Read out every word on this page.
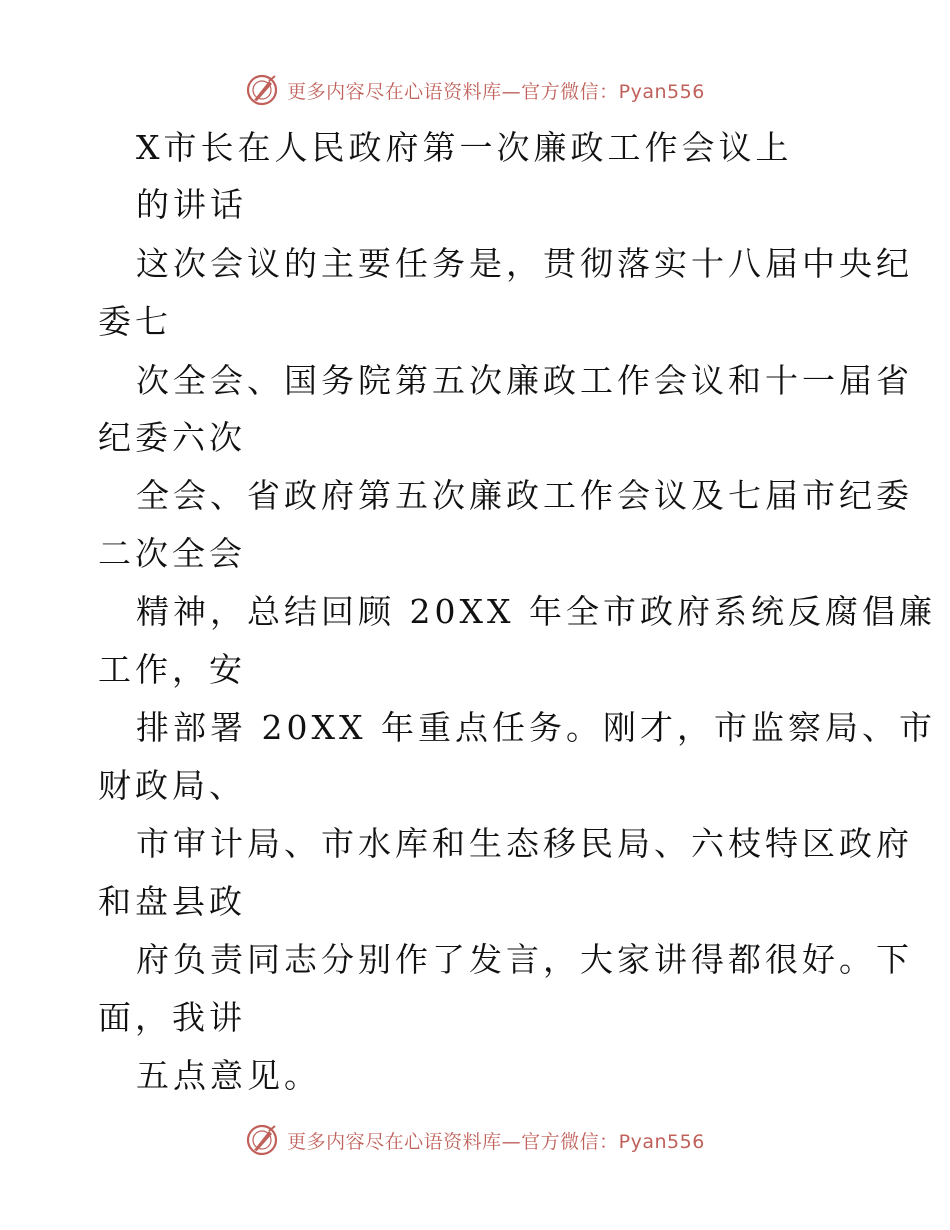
更多内容尽在心语资料库—官方微信：Pyan556
X市长在人民政府第一次廉政工作会议上
的讲话
这次会议的主要任务是，贯彻落实十八届中央纪
委七
次全会、国务院第五次廉政工作会议和十一届省
纪委六次
全会、省政府第五次廉政工作会议及七届市纪委
二次全会
精神，总结回顾 20XX 年全市政府系统反腐倡廉
工作，安
排部署 20XX 年重点任务。刚才，市监察局、市
财政局、
市审计局、市水库和生态移民局、六枝特区政府
和盘县政
府负责同志分别作了发言，大家讲得都很好。下
面，我讲
五点意见。
更多内容尽在心语资料库—官方微信：Pyan556
